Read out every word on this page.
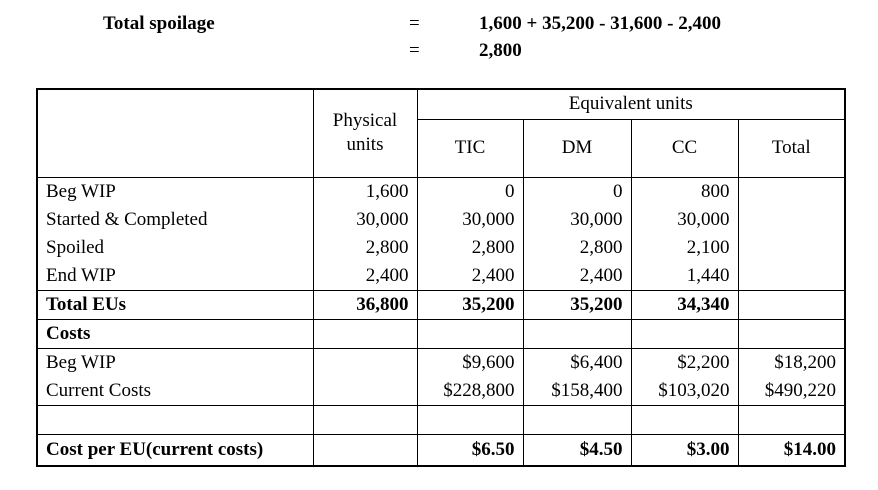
Total spoilage	=	1,600 + 35,200 - 31,600 - 2,400
=	2,800
	Physical units	Equivalent units			
		TIC	DM	CC	Total

Beg WIP	1,600	0	0	800	
Started & Completed	30,000	30,000	30,000	30,000	
Spoiled	2,800	2,800	2,800	2,100	
End WIP	2,400	2,400	2,400	1,440	
Total EUs	36,800	35,200	35,200	34,340	
Costs					
Beg WIP		$9,600	$6,400	$2,200	$18,200
Current Costs		$228,800	$158,400	$103,020	$490,220

Cost per EU(current costs)		$6.50	$4.50	$3.00	$14.00
